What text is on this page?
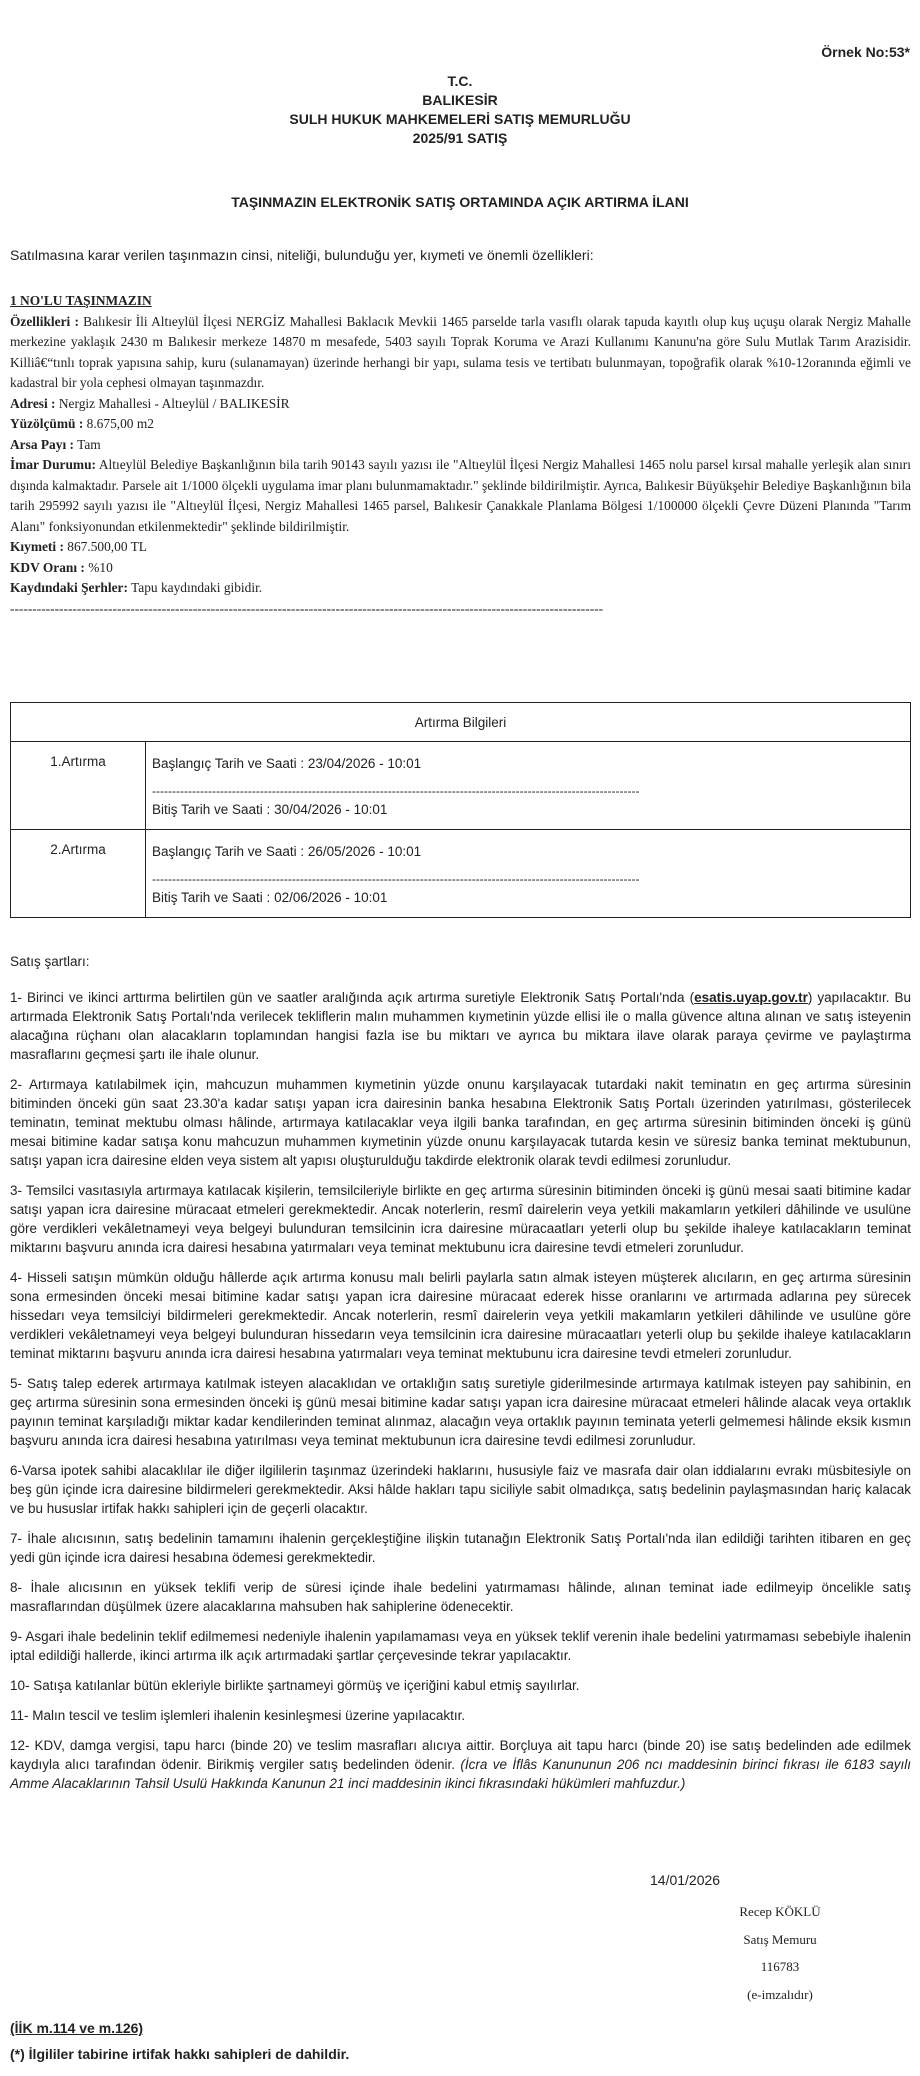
Örnek No:53*
T.C.
BALIKESİR
SULH HUKUK MAHKEMELERİ SATIŞ MEMURLUĞU
2025/91 SATIŞ
TAŞINMAZIN ELEKTRONİK SATIŞ ORTAMINDA AÇIK ARTIRMA İLANI
Satılmasına karar verilen taşınmazın cinsi, niteliği, bulunduğu yer, kıymeti ve önemli özellikleri:
1 NO'LU TAŞINMAZIN
Özellikleri : Balıkesir İli Altıeylül İlçesi NERGİZ Mahallesi Baklacık Mevkii 1465 parselde tarla vasıflı olarak tapuda kayıtlı olup kuş uçuşu olarak Nergiz Mahalle merkezine yaklaşık 2430 m Balıkesir merkeze 14870 m mesafede, 5403 sayılı Toprak Koruma ve Arazi Kullanımı Kanunu'na göre Sulu Mutlak Tarım Arazisidir. Killiâ€“tınlı toprak yapısına sahip, kuru (sulanamayan) üzerinde herhangi bir yapı, sulama tesis ve tertibatı bulunmayan, topoğrafik olarak %10-12oranında eğimli ve kadastral bir yola cephesi olmayan taşınmazdır.
Adresi : Nergiz Mahallesi - Altıeylül / BALIKESİR
Yüzölçümü : 8.675,00 m2
Arsa Payı : Tam
İmar Durumu: Altıeylül Belediye Başkanlığının bila tarih 90143 sayılı yazısı ile "Altıeylül İlçesi Nergiz Mahallesi 1465 nolu parsel kırsal mahalle yerleşik alan sınırı dışında kalmaktadır. Parsele ait 1/1000 ölçekli uygulama imar planı bulunmamaktadır." şeklinde bildirilmiştir. Ayrıca, Balıkesir Büyükşehir Belediye Başkanlığının bila tarih 295992 sayılı yazısı ile "Altıeylül İlçesi, Nergiz Mahallesi 1465 parsel, Balıkesir Çanakkale Planlama Bölgesi 1/100000 ölçekli Çevre Düzeni Planında "Tarım Alanı" fonksiyonundan etkilenmektedir" şeklinde bildirilmiştir.
Kıymeti : 867.500,00 TL
KDV Oranı : %10
Kaydındaki Şerhler: Tapu kaydındaki gibidir.
-------------------------------------------------------------------------------------------------------------------------------------
Artırma Bilgileri	
1.Artırma	Başlangıç Tarih ve Saati : 23/04/2026 - 10:01
--------------------------------------------------------------------------------------------------------------------------
Bitiş Tarih ve Saati : 30/04/2026 - 10:01

2.Artırma	Başlangıç Tarih ve Saati : 26/05/2026 - 10:01
--------------------------------------------------------------------------------------------------------------------------
Bitiş Tarih ve Saati : 02/06/2026 - 10:01

Satış şartları:

1- Birinci ve ikinci arttırma belirtilen gün ve saatler aralığında açık artırma suretiyle Elektronik Satış Portalı'nda (esatis.uyap.gov.tr) yapılacaktır. Bu artırmada Elektronik Satış Portalı'nda verilecek tekliflerin malın muhammen kıymetinin yüzde ellisi ile o malla güvence altına alınan ve satış isteyenin alacağına rüçhanı olan alacakların toplamından hangisi fazla ise bu miktarı ve ayrıca bu miktara ilave olarak paraya çevirme ve paylaştırma masraflarını geçmesi şartı ile ihale olunur.

2- Artırmaya katılabilmek için, mahcuzun muhammen kıymetinin yüzde onunu karşılayacak tutardaki nakit teminatın en geç artırma süresinin bitiminden önceki gün saat 23.30'a kadar satışı yapan icra dairesinin banka hesabına Elektronik Satış Portalı üzerinden yatırılması, gösterilecek teminatın, teminat mektubu olması hâlinde, artırmaya katılacaklar veya ilgili banka tarafından, en geç artırma süresinin bitiminden önceki iş günü mesai bitimine kadar satışa konu mahcuzun muhammen kıymetinin yüzde onunu karşılayacak tutarda kesin ve süresiz banka teminat mektubunun, satışı yapan icra dairesine elden veya sistem alt yapısı oluşturulduğu takdirde elektronik olarak tevdi edilmesi zorunludur.

3- Temsilci vasıtasıyla artırmaya katılacak kişilerin, temsilcileriyle birlikte en geç artırma süresinin bitiminden önceki iş günü mesai saati bitimine kadar satışı yapan icra dairesine müracaat etmeleri gerekmektedir. Ancak noterlerin, resmî dairelerin veya yetkili makamların yetkileri dâhilinde ve usulüne göre verdikleri vekâletnameyi veya belgeyi bulunduran temsilcinin icra dairesine müracaatları yeterli olup bu şekilde ihaleye katılacakların teminat miktarını başvuru anında icra dairesi hesabına yatırmaları veya teminat mektubunu icra dairesine tevdi etmeleri zorunludur.

4- Hisseli satışın mümkün olduğu hâllerde açık artırma konusu malı belirli paylarla satın almak isteyen müşterek alıcıların, en geç artırma süresinin sona ermesinden önceki mesai bitimine kadar satışı yapan icra dairesine müracaat ederek hisse oranlarını ve artırmada adlarına pey sürecek hissedarı veya temsilciyi bildirmeleri gerekmektedir. Ancak noterlerin, resmî dairelerin veya yetkili makamların yetkileri dâhilinde ve usulüne göre verdikleri vekâletnameyi veya belgeyi bulunduran hissedarın veya temsilcinin icra dairesine müracaatları yeterli olup bu şekilde ihaleye katılacakların teminat miktarını başvuru anında icra dairesi hesabına yatırmaları veya teminat mektubunu icra dairesine tevdi etmeleri zorunludur.

5- Satış talep ederek artırmaya katılmak isteyen alacaklıdan ve ortaklığın satış suretiyle giderilmesinde artırmaya katılmak isteyen pay sahibinin, en geç artırma süresinin sona ermesinden önceki iş günü mesai bitimine kadar satışı yapan icra dairesine müracaat etmeleri hâlinde alacak veya ortaklık payının teminat karşıladığı miktar kadar kendilerinden teminat alınmaz, alacağın veya ortaklık payının teminata yeterli gelmemesi hâlinde eksik kısmın başvuru anında icra dairesi hesabına yatırılması veya teminat mektubunun icra dairesine tevdi edilmesi zorunludur.

6-Varsa ipotek sahibi alacaklılar ile diğer ilgililerin taşınmaz üzerindeki haklarını, hususiyle faiz ve masrafa dair olan iddialarını evrakı müsbitesiyle on beş gün içinde icra dairesine bildirmeleri gerekmektedir. Aksi hâlde hakları tapu siciliyle sabit olmadıkça, satış bedelinin paylaşmasından hariç kalacak ve bu hususlar irtifak hakkı sahipleri için de geçerli olacaktır.

7- İhale alıcısının, satış bedelinin tamamını ihalenin gerçekleştiğine ilişkin tutanağın Elektronik Satış Portalı'nda ilan edildiği tarihten itibaren en geç yedi gün içinde icra dairesi hesabına ödemesi gerekmektedir.

8- İhale alıcısının en yüksek teklifi verip de süresi içinde ihale bedelini yatırmaması hâlinde, alınan teminat iade edilmeyip öncelikle satış masraflarından düşülmek üzere alacaklarına mahsuben hak sahiplerine ödenecektir.

9- Asgari ihale bedelinin teklif edilmemesi nedeniyle ihalenin yapılamaması veya en yüksek teklif verenin ihale bedelini yatırmaması sebebiyle ihalenin iptal edildiği hallerde, ikinci artırma ilk açık artırmadaki şartlar çerçevesinde tekrar yapılacaktır.

10- Satışa katılanlar bütün ekleriyle birlikte şartnameyi görmüş ve içeriğini kabul etmiş sayılırlar.

11- Malın tescil ve teslim işlemleri ihalenin kesinleşmesi üzerine yapılacaktır.

12- KDV, damga vergisi, tapu harcı (binde 20) ve teslim masrafları alıcıya aittir. Borçluya ait tapu harcı (binde 20) ise satış bedelinden ade edilmek kaydıyla alıcı tarafından ödenir. Birikmiş vergiler satış bedelinden ödenir. (İcra ve İflâs Kanununun 206 ncı maddesinin birinci fıkrası ile 6183 sayılı Amme Alacaklarının Tahsil Usulü Hakkında Kanunun 21 inci maddesinin ikinci fıkrasındaki hükümleri mahfuzdur.)

14/01/2026
Recep KÖKLÜ
Satış Memuru
116783
(e-imzalıdır)
(İİK m.114 ve m.126)
(*) İlgililer tabirine irtifak hakkı sahipleri de dahildir.
